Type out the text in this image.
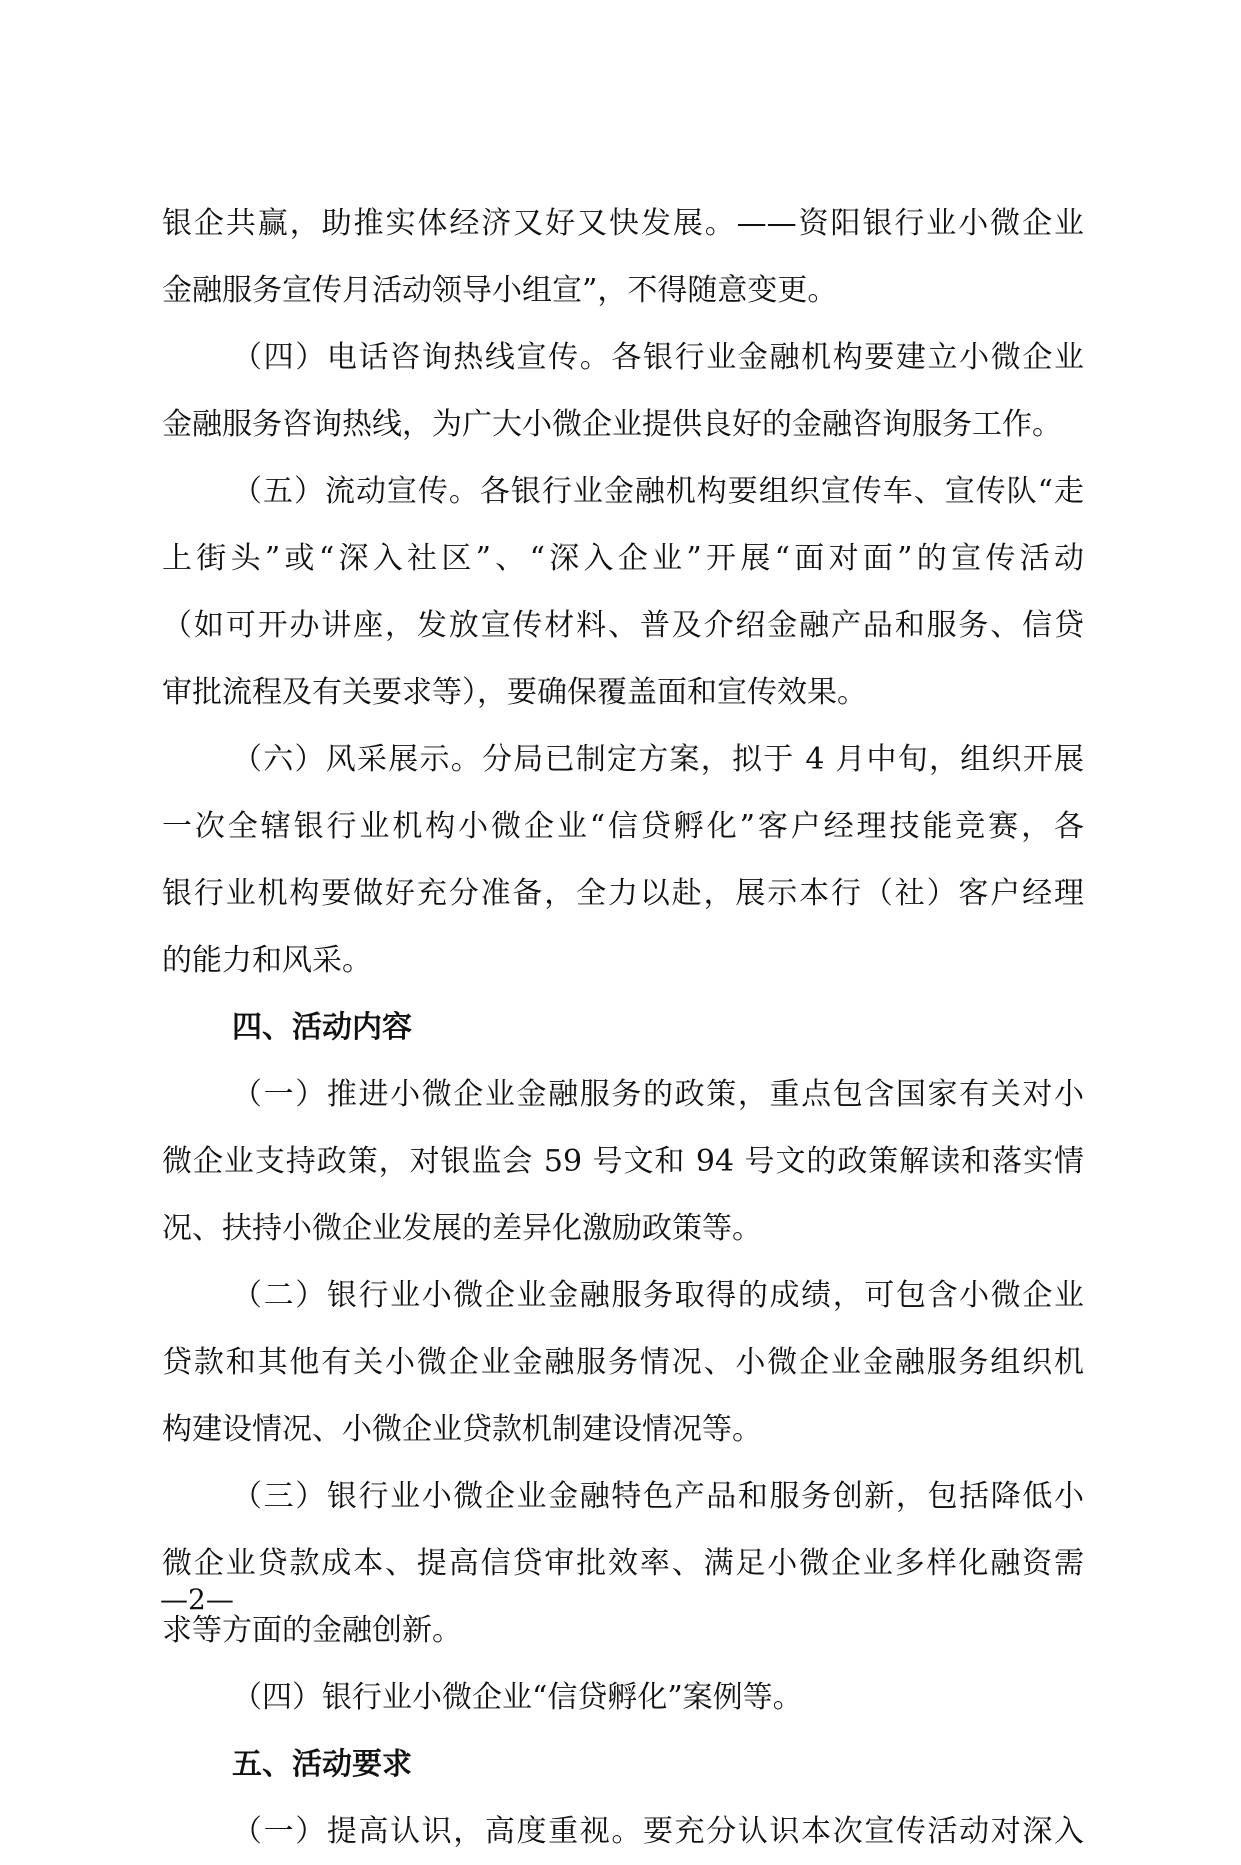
银企共赢，助推实体经济又好又快发展。——资阳银行业小微企业
金融服务宣传月活动领导小组宣”，不得随意变更。
（四）电话咨询热线宣传。各银行业金融机构要建立小微企业
金融服务咨询热线，为广大小微企业提供良好的金融咨询服务工作。
（五）流动宣传。各银行业金融机构要组织宣传车、宣传队“走
上街头”或“深入社区”、“深入企业”开展“面对面”的宣传活动
（如可开办讲座，发放宣传材料、普及介绍金融产品和服务、信贷
审批流程及有关要求等），要确保覆盖面和宣传效果。
（六）风采展示。分局已制定方案，拟于 4 月中旬，组织开展
一次全辖银行业机构小微企业“信贷孵化”客户经理技能竞赛，各
银行业机构要做好充分准备，全力以赴，展示本行（社）客户经理
的能力和风采。
四、活动内容
（一）推进小微企业金融服务的政策，重点包含国家有关对小
微企业支持政策，对银监会 59 号文和 94 号文的政策解读和落实情
况、扶持小微企业发展的差异化激励政策等。
（二）银行业小微企业金融服务取得的成绩，可包含小微企业
贷款和其他有关小微企业金融服务情况、小微企业金融服务组织机
构建设情况、小微企业贷款机制建设情况等。
（三）银行业小微企业金融特色产品和服务创新，包括降低小
微企业贷款成本、提高信贷审批效率、满足小微企业多样化融资需
求等方面的金融创新。
（四）银行业小微企业“信贷孵化”案例等。
五、活动要求
（一）提高认识，高度重视。要充分认识本次宣传活动对深入
—2—
